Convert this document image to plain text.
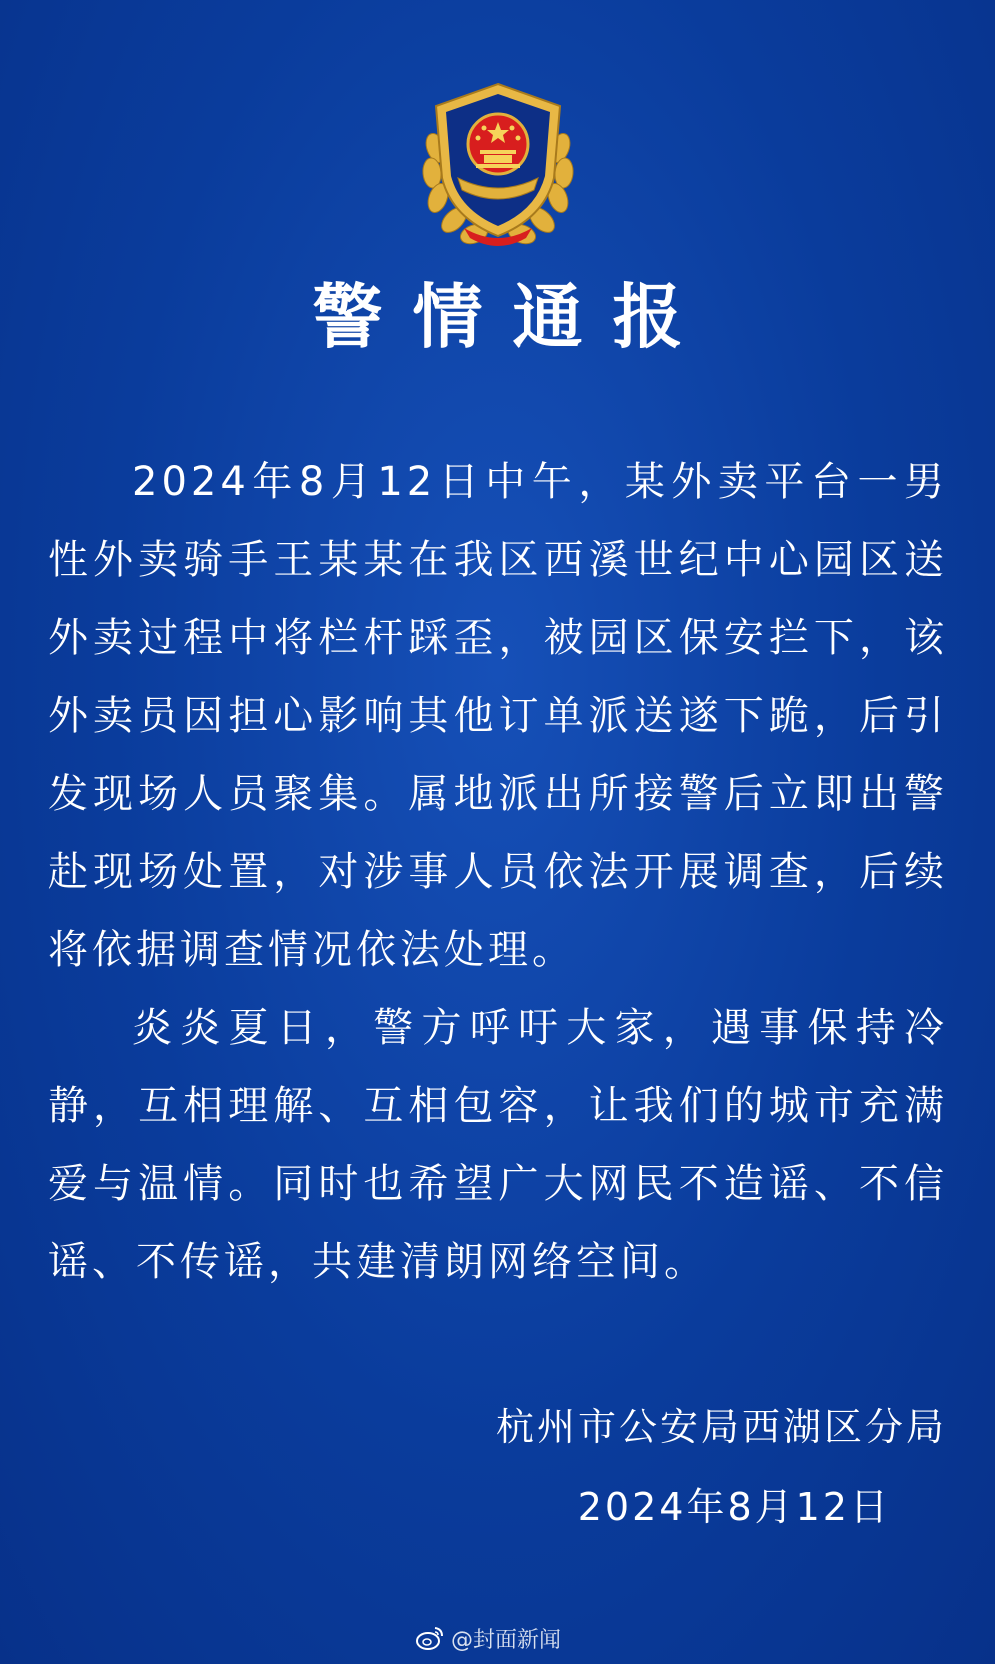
警情通报

2024年8月12日中午，某外卖平台一男性外卖骑手王某某在我区西溪世纪中心园区送外卖过程中将栏杆踩歪，被园区保安拦下，该外卖员因担心影响其他订单派送遂下跪，后引发现场人员聚集。属地派出所接警后立即出警赴现场处置，对涉事人员依法开展调查，后续将依据调查情况依法处理。

炎炎夏日，警方呼吁大家，遇事保持冷静，互相理解、互相包容，让我们的城市充满爱与温情。同时也希望广大网民不造谣、不信谣、不传谣，共建清朗网络空间。

杭州市公安局西湖区分局
2024年8月12日
@封面新闻
